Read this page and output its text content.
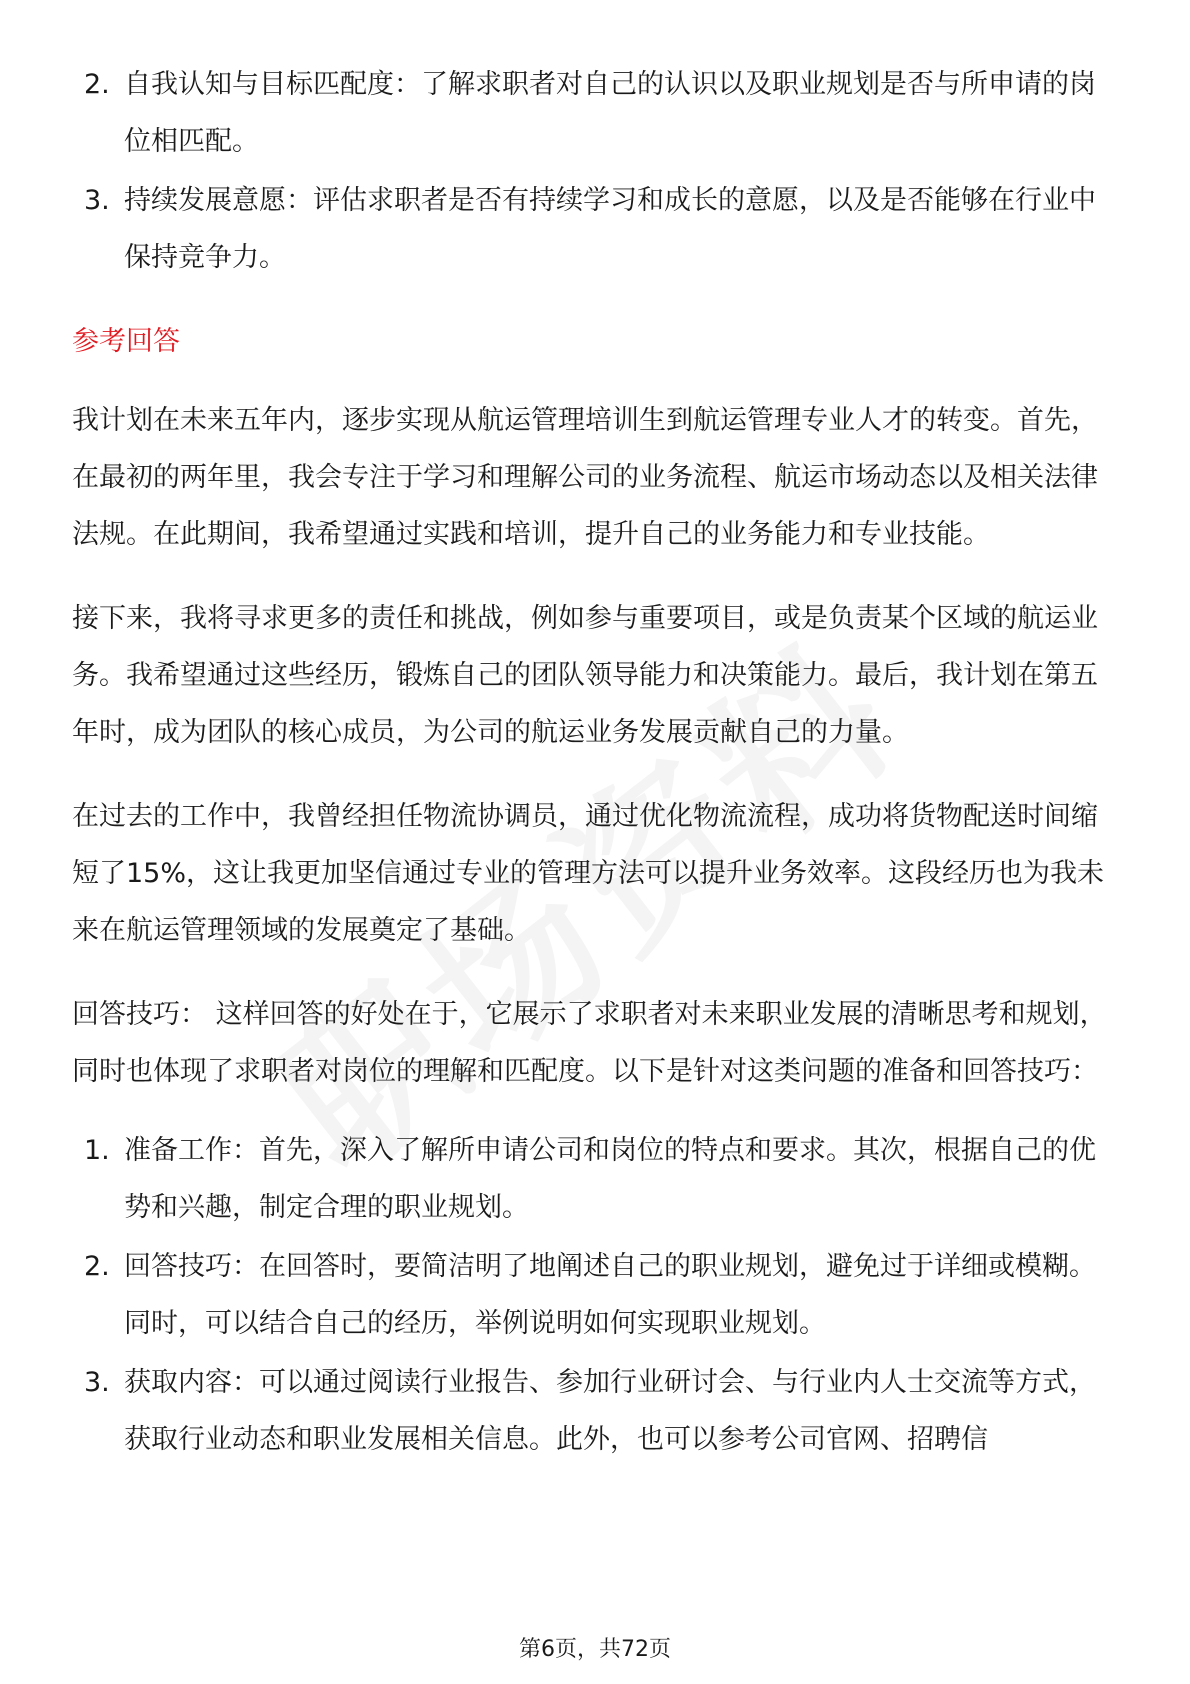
2. 自我认知与目标匹配度：了解求职者对自己的认识以及职业规划是否与所申请的岗位相匹配。
3. 持续发展意愿：评估求职者是否有持续学习和成长的意愿，以及是否能够在行业中保持竞争力。
参考回答

我计划在未来五年内，逐步实现从航运管理培训生到航运管理专业人才的转变。首先，在最初的两年里，我会专注于学习和理解公司的业务流程、航运市场动态以及相关法律法规。在此期间，我希望通过实践和培训，提升自己的业务能力和专业技能。

接下来，我将寻求更多的责任和挑战，例如参与重要项目，或是负责某个区域的航运业务。我希望通过这些经历，锻炼自己的团队领导能力和决策能力。最后，我计划在第五年时，成为团队的核心成员，为公司的航运业务发展贡献自己的力量。

在过去的工作中，我曾经担任物流协调员，通过优化物流流程，成功将货物配送时间缩短了15%，这让我更加坚信通过专业的管理方法可以提升业务效率。这段经历也为我未来在航运管理领域的发展奠定了基础。

回答技巧： 这样回答的好处在于，它展示了求职者对未来职业发展的清晰思考和规划，同时也体现了求职者对岗位的理解和匹配度。以下是针对这类问题的准备和回答技巧：

1. 准备工作：首先，深入了解所申请公司和岗位的特点和要求。其次，根据自己的优势和兴趣，制定合理的职业规划。
2. 回答技巧：在回答时，要简洁明了地阐述自己的职业规划，避免过于详细或模糊。同时，可以结合自己的经历，举例说明如何实现职业规划。
3. 获取内容：可以通过阅读行业报告、参加行业研讨会、与行业内人士交流等方式，获取行业动态和职业发展相关信息。此外，也可以参考公司官网、招聘信
第6页，共72页
